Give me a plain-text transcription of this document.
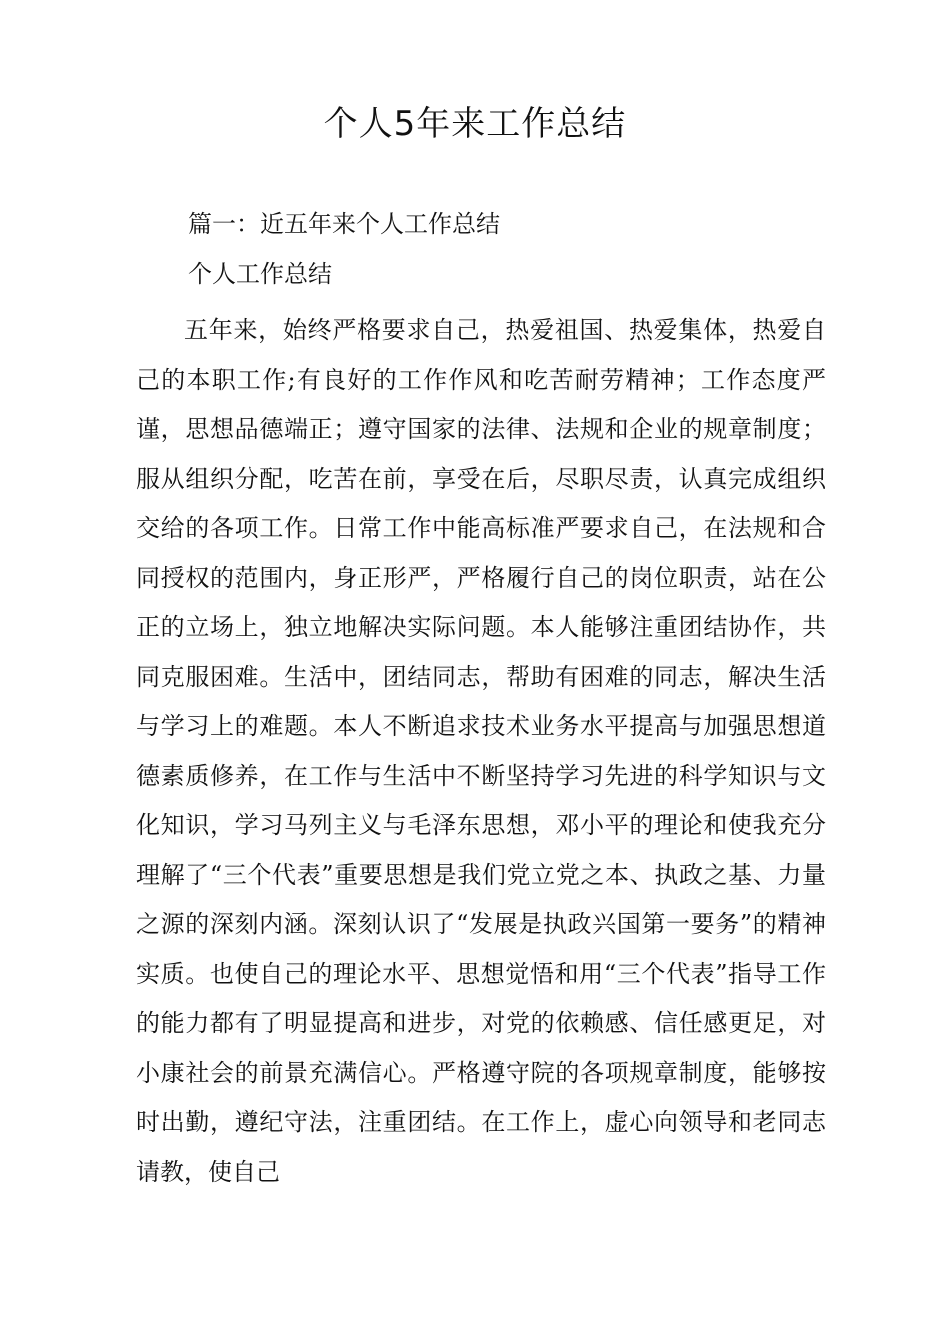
个人5年来工作总结

篇一：近五年来个人工作总结

个人工作总结

五年来，始终严格要求自己，热爱祖国、热爱集体，热爱自己的本职工作;有良好的工作作风和吃苦耐劳精神；工作态度严谨，思想品德端正；遵守国家的法律、法规和企业的规章制度；服从组织分配，吃苦在前，享受在后，尽职尽责，认真完成组织交给的各项工作。日常工作中能高标准严要求自己，在法规和合同授权的范围内，身正形严，严格履行自己的岗位职责，站在公正的立场上，独立地解决实际问题。本人能够注重团结协作，共同克服困难。生活中，团结同志，帮助有困难的同志，解决生活与学习上的难题。本人不断追求技术业务水平提高与加强思想道德素质修养，在工作与生活中不断坚持学习先进的科学知识与文化知识，学习马列主义与毛泽东思想，邓小平的理论和使我充分理解了“三个代表”重要思想是我们党立党之本、执政之基、力量之源的深刻内涵。深刻认识了“发展是执政兴国第一要务”的精神实质。也使自己的理论水平、思想觉悟和用“三个代表”指导工作的能力都有了明显提高和进步，对党的依赖感、信任感更足，对小康社会的前景充满信心。严格遵守院的各项规章制度，能够按时出勤，遵纪守法，注重团结。在工作上，虚心向领导和老同志请教，使自己
